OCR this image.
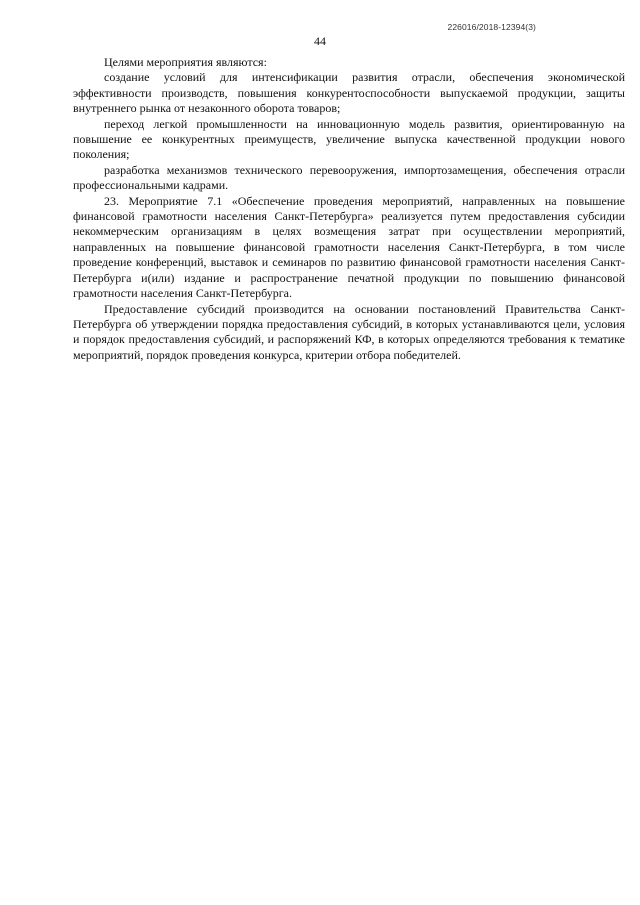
226016/2018-12394(3)
44

Целями мероприятия являются:

создание условий для интенсификации развития отрасли, обеспечения экономической эффективности производств, повышения конкурентоспособности выпускаемой продукции, защиты внутреннего рынка от незаконного оборота товаров;

переход легкой промышленности на инновационную модель развития, ориентированную на повышение ее конкурентных преимуществ, увеличение выпуска качественной продукции нового поколения;

разработка механизмов технического перевооружения, импортозамещения, обеспечения отрасли профессиональными кадрами.

23. Мероприятие 7.1 «Обеспечение проведения мероприятий, направленных на повышение финансовой грамотности населения Санкт-Петербурга» реализуется путем предоставления субсидии некоммерческим организациям в целях возмещения затрат при осуществлении мероприятий, направленных на повышение финансовой грамотности населения Санкт-Петербурга, в том числе проведение конференций, выставок и семинаров по развитию финансовой грамотности населения Санкт-Петербурга и(или) издание и распространение печатной продукции по повышению финансовой грамотности населения Санкт-Петербурга.

Предоставление субсидий производится на основании постановлений Правительства Санкт-Петербурга об утверждении порядка предоставления субсидий, в которых устанавливаются цели, условия и порядок предоставления субсидий, и распоряжений КФ, в которых определяются требования к тематике мероприятий, порядок проведения конкурса, критерии отбора победителей.
